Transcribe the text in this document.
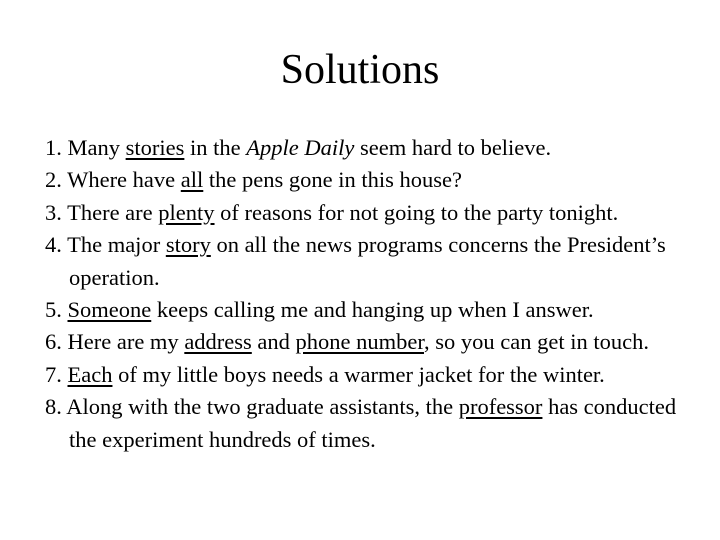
Solutions
1. Many stories in the Apple Daily seem hard to believe.
2. Where have all the pens gone in this house?
3. There are plenty of reasons for not going to the party tonight.
4. The major story on all the news programs concerns the President’s operation.
5. Someone keeps calling me and hanging up when I answer.
6. Here are my address and phone number, so you can get in touch.
7. Each of my little boys needs a warmer jacket for the winter.
8. Along with the two graduate assistants, the professor has conducted the experiment hundreds of times.
